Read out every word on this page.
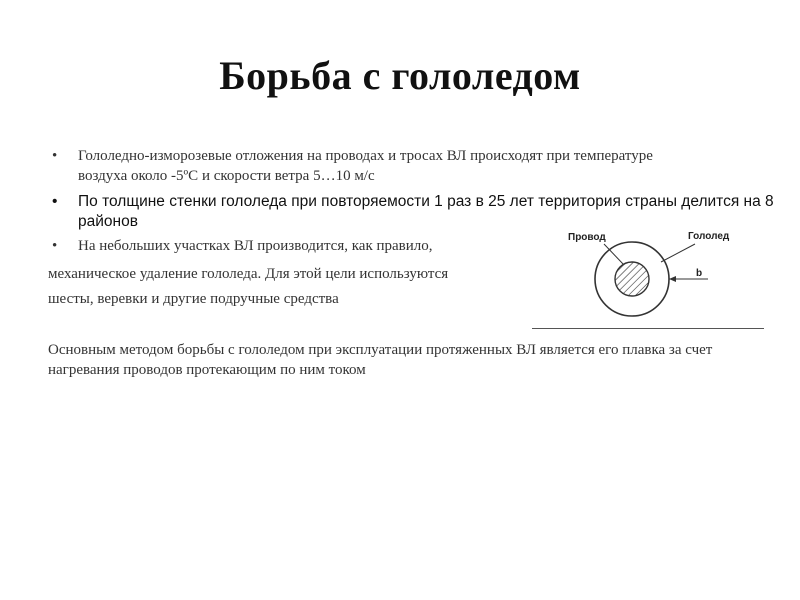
Борьба с гололедом
• Гололедно-изморозевые отложения на проводах и тросах ВЛ происходят при температуре воздуха около -5ºС и скорости ветра 5…10 м/с
• По толщине стенки гололеда при повторяемости 1 раз в 25 лет территория страны делится на 8 районов
• На небольших участках ВЛ производится, как правило,
механическое удаление гололеда. Для этой цели используются
шесты, веревки и другие подручные средства
Провод	Гололед
b
Основным методом борьбы с гололедом при эксплуатации протяженных ВЛ является его плавка за счет нагревания проводов протекающим по ним током
